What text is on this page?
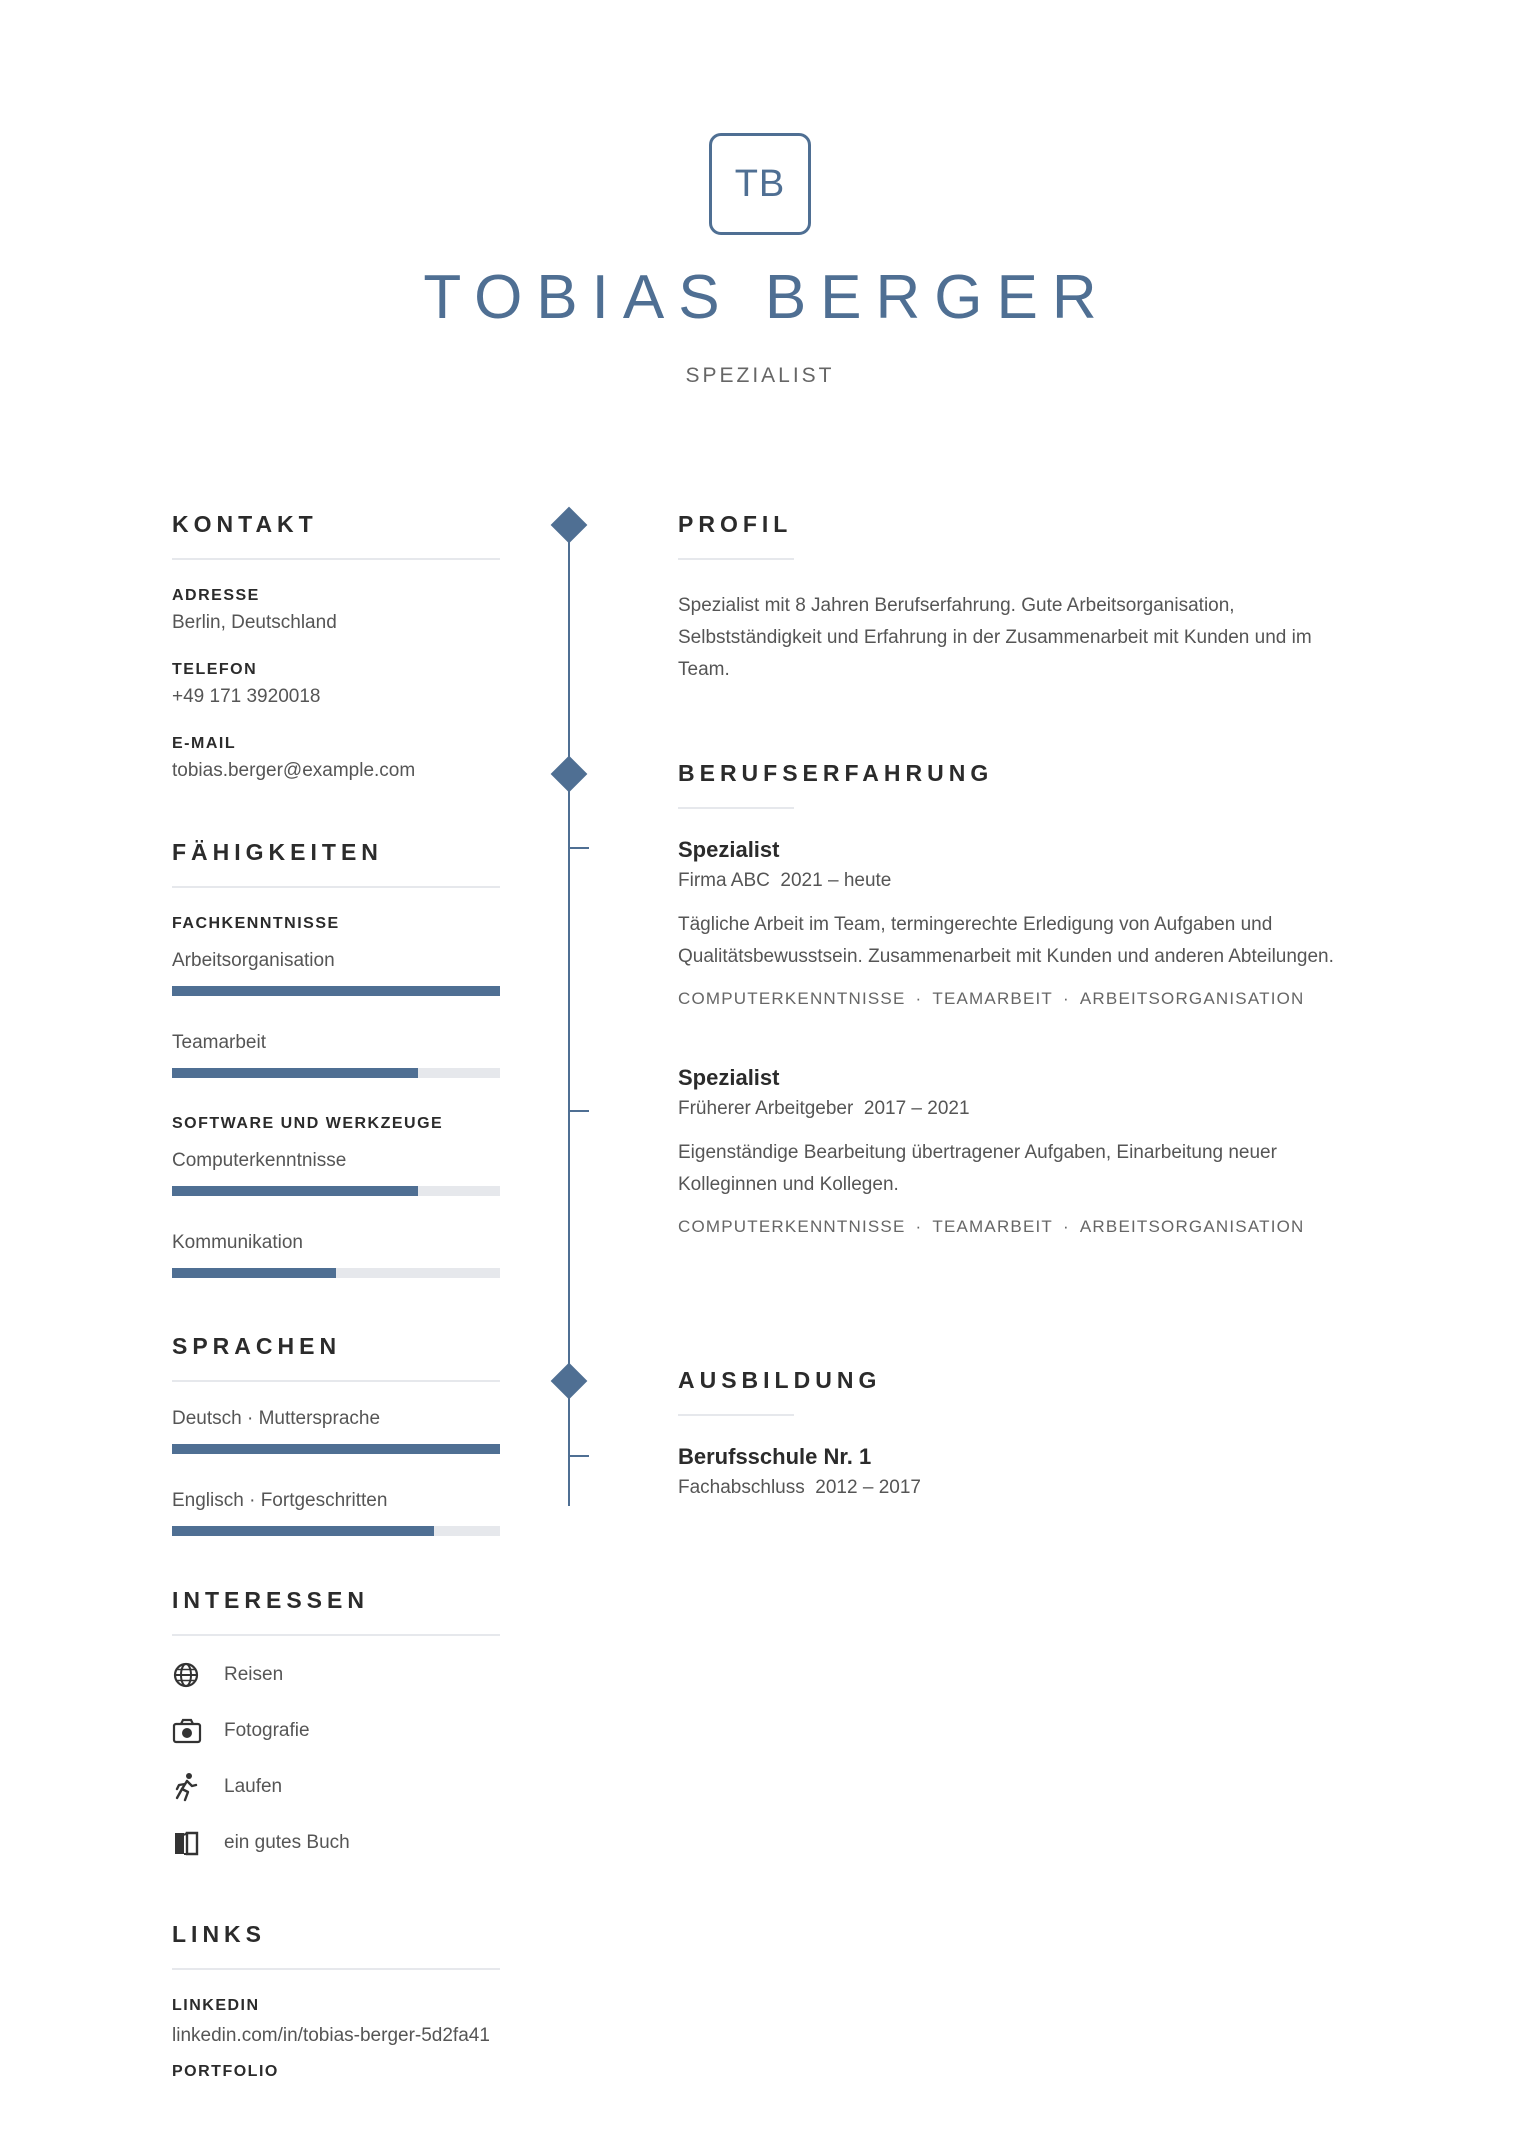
TB
TOBIAS BERGER
SPEZIALIST
KONTAKT
ADRESSE
Berlin, Deutschland
TELEFON
+49 171 3920018
E-MAIL
tobias.berger@example.com
FÄHIGKEITEN
FACHKENNTNISSE
Arbeitsorganisation
Teamarbeit
SOFTWARE UND WERKZEUGE
Computerkenntnisse
Kommunikation
SPRACHEN
Deutsch · Muttersprache
Englisch · Fortgeschritten
INTERESSEN
Reisen
Fotografie
Laufen
ein gutes Buch
LINKS
LINKEDIN
linkedin.com/in/tobias-berger-5d2fa41
PORTFOLIO
PROFIL
Spezialist mit 8 Jahren Berufserfahrung. Gute Arbeitsorganisation, Selbstständigkeit und Erfahrung in der Zusammenarbeit mit Kunden und im Team.
BERUFSERFAHRUNG
Spezialist
Firma ABC 2021 – heute
Tägliche Arbeit im Team, termingerechte Erledigung von Aufgaben und Qualitätsbewusstsein. Zusammenarbeit mit Kunden und anderen Abteilungen.
COMPUTERKENNTNISSE · TEAMARBEIT · ARBEITSORGANISATION
Spezialist
Früherer Arbeitgeber 2017 – 2021
Eigenständige Bearbeitung übertragener Aufgaben, Einarbeitung neuer Kolleginnen und Kollegen.
COMPUTERKENNTNISSE · TEAMARBEIT · ARBEITSORGANISATION
AUSBILDUNG
Berufsschule Nr. 1
Fachabschluss 2012 – 2017
